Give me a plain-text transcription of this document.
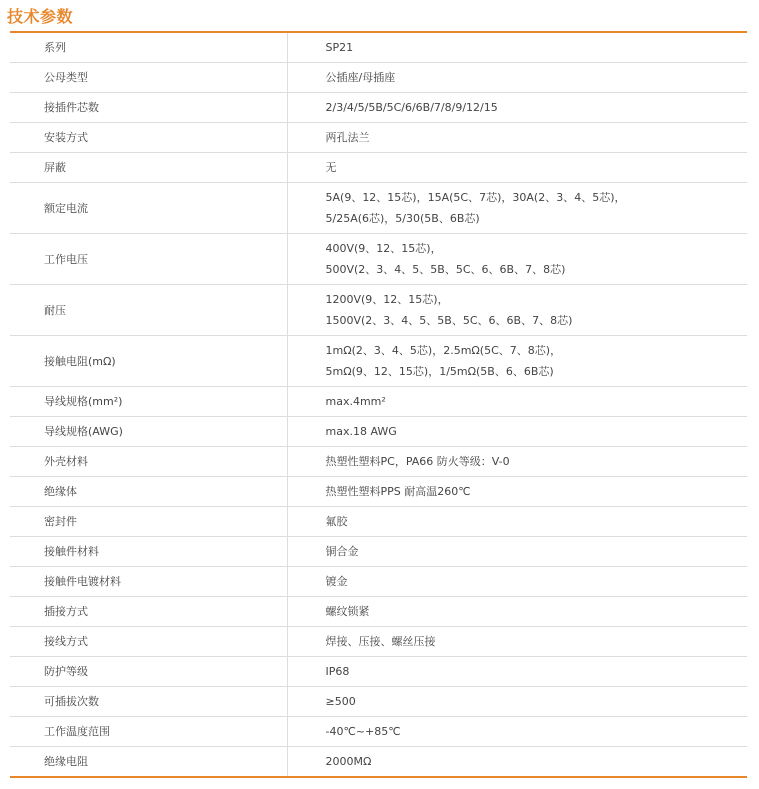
技术参数
系列	SP21

公母类型	公插座/母插座

接插件芯数	2/3/4/5/5B/5C/6/6B/7/8/9/12/15

安装方式	两孔法兰

屏蔽	无

额定电流	5A(9、12、15芯)，15A(5C、7芯)，30A(2、3、4、5芯)，
5/25A(6芯)，5/30(5B、6B芯)

工作电压	400V(9、12、15芯)，
500V(2、3、4、5、5B、5C、6、6B、7、8芯)

耐压	1200V(9、12、15芯)，
1500V(2、3、4、5、5B、5C、6、6B、7、8芯)

接触电阻(mΩ)	1mΩ(2、3、4、5芯)，2.5mΩ(5C、7、8芯)，
5mΩ(9、12、15芯)，1/5mΩ(5B、6、6B芯)

导线规格(mm²)	max.4mm²

导线规格(AWG)	max.18 AWG

外壳材料	热塑性塑料PC，PA66 防火等级：V-0

绝缘体	热塑性塑料PPS 耐高温260℃

密封件	氟胶

接触件材料	铜合金

接触件电镀材料	镀金

插接方式	螺纹锁紧

接线方式	焊接、压接、螺丝压接

防护等级	IP68

可插拔次数	≥500

工作温度范围	-40℃~+85℃

绝缘电阻	2000MΩ
